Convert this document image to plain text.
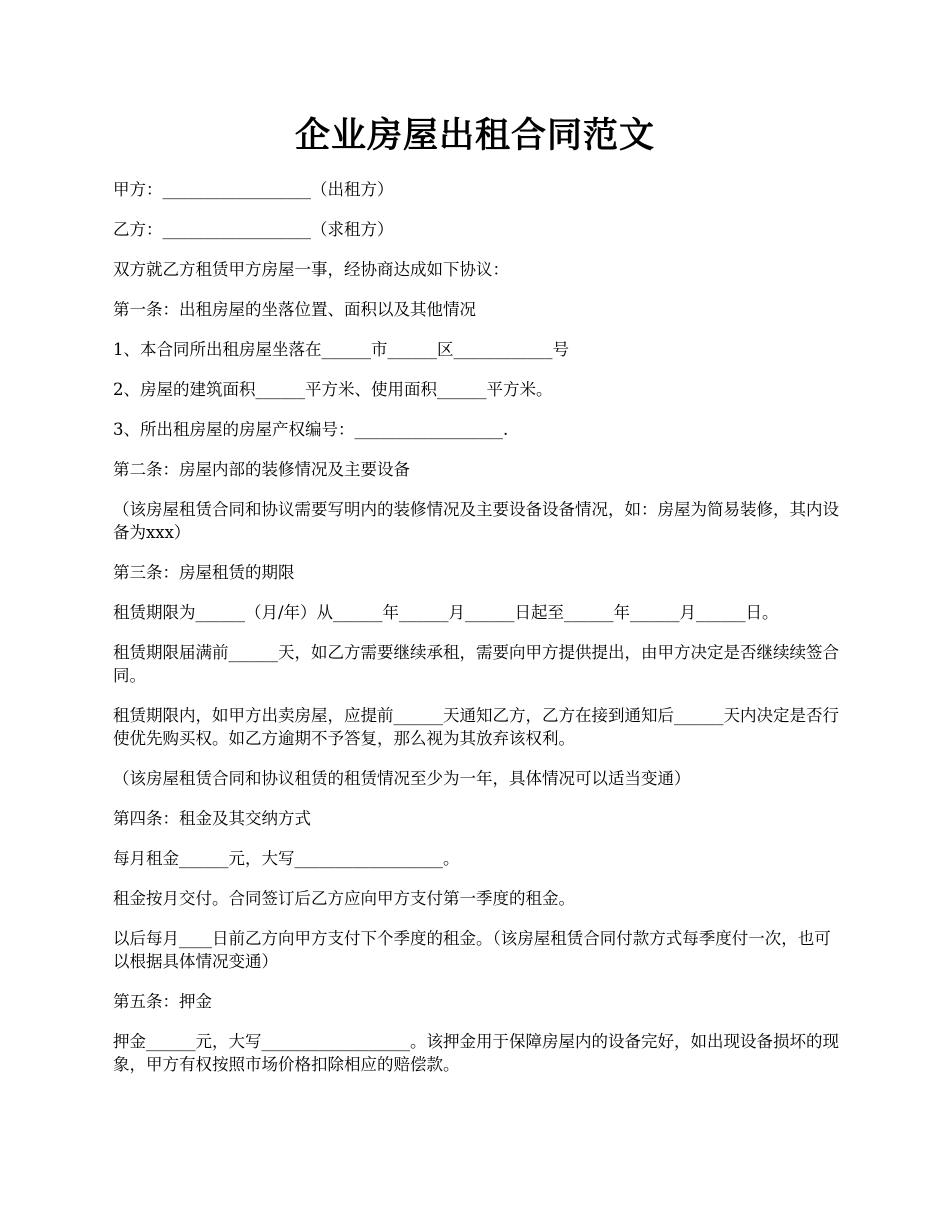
企业房屋出租合同范文

甲方：__________________（出租方）

乙方：__________________（求租方）

双方就乙方租赁甲方房屋一事，经协商达成如下协议：

第一条：出租房屋的坐落位置、面积以及其他情况

1、本合同所出租房屋坐落在______市______区____________号

2、房屋的建筑面积______平方米、使用面积______平方米。

3、所出租房屋的房屋产权编号：__________________.

第二条：房屋内部的装修情况及主要设备

（该房屋租赁合同和协议需要写明内的装修情况及主要设备设备情况，如：房屋为简易装修，其内设备为xxx）

第三条：房屋租赁的期限

租赁期限为______（月/年）从______年______月______日起至______年______月______日。

租赁期限届满前______天，如乙方需要继续承租，需要向甲方提供提出，由甲方决定是否继续续签合同。

租赁期限内，如甲方出卖房屋，应提前______天通知乙方，乙方在接到通知后______天内决定是否行使优先购买权。如乙方逾期不予答复，那么视为其放弃该权利。

（该房屋租赁合同和协议租赁的租赁情况至少为一年，具体情况可以适当变通）

第四条：租金及其交纳方式

每月租金______元，大写__________________。

租金按月交付。合同签订后乙方应向甲方支付第一季度的租金。

以后每月____日前乙方向甲方支付下个季度的租金。（该房屋租赁合同付款方式每季度付一次，也可以根据具体情况变通）

第五条：押金

押金______元，大写__________________。该押金用于保障房屋内的设备完好，如出现设备损坏的现象，甲方有权按照市场价格扣除相应的赔偿款。
